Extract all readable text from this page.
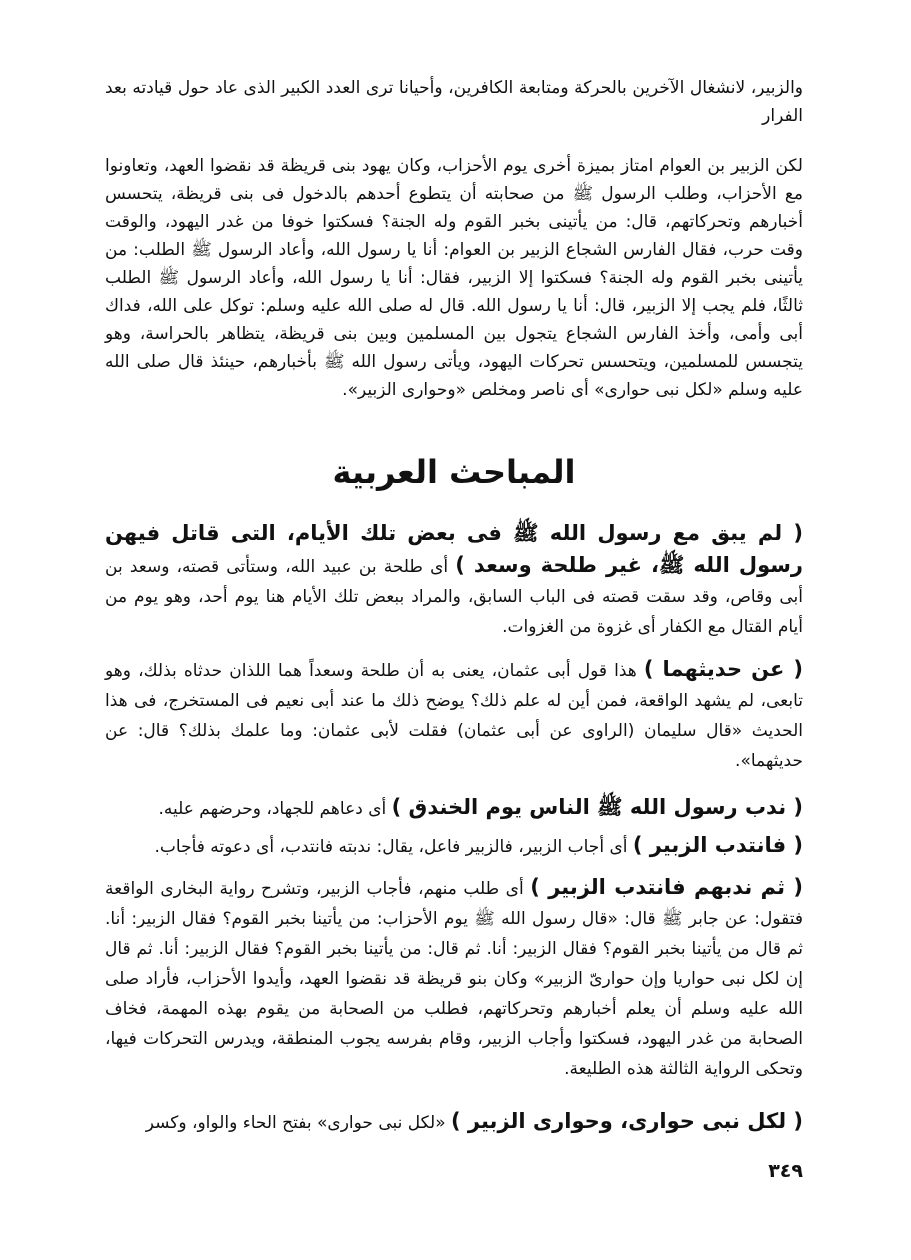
والزبير، لانشغال الآخرين بالحركة ومتابعة الكافرين، وأحيانا ترى العدد الكبير الذى عاد حول قيادته بعد الفرار

لكن الزبير بن العوام امتاز بميزة أخرى يوم الأحزاب، وكان يهود بنى قريظة قد نقضوا العهد، وتعاونوا مع الأحزاب، وطلب الرسول ﷺ من صحابته أن يتطوع أحدهم بالدخول فى بنى قريظة، يتحسس أخبارهم وتحركاتهم، قال: من يأتينى بخبر القوم وله الجنة؟ فسكتوا خوفا من غدر اليهود، والوقت وقت حرب، فقال الفارس الشجاع الزبير بن العوام: أنا يا رسول الله، وأعاد الرسول ﷺ الطلب: من يأتينى بخبر القوم وله الجنة؟ فسكتوا إلا الزبير، فقال: أنا يا رسول الله، وأعاد الرسول ﷺ الطلب ثالثًا، فلم يجب إلا الزبير، قال: أنا يا رسول الله. قال له صلى الله عليه وسلم: توكل على الله، فداك أبى وأمى، وأخذ الفارس الشجاع يتجول بين المسلمين وبين بنى قريظة، يتظاهر بالحراسة، وهو يتجسس للمسلمين، ويتحسس تحركات اليهود، ويأتى رسول الله ﷺ بأخبارهم، حينئذ قال صلى الله عليه وسلم «لكل نبى حوارى» أى ناصر ومخلص «وحوارى الزبير».

المباحث العربية

( لم يبق مع رسول الله ﷺ فى بعض تلك الأيام، التى قاتل فيهن رسول الله ﷺ، غير طلحة وسعد ) أى طلحة بن عبيد الله، وستأتى قصته، وسعد بن أبى وقاص، وقد سقت قصته فى الباب السابق، والمراد ببعض تلك الأيام هنا يوم أحد، وهو يوم من أيام القتال مع الكفار أى غزوة من الغزوات.

( عن حديثهما ) هذا قول أبى عثمان، يعنى به أن طلحة وسعداً هما اللذان حدثاه بذلك، وهو تابعى، لم يشهد الواقعة، فمن أين له علم ذلك؟ يوضح ذلك ما عند أبى نعيم فى المستخرج، فى هذا الحديث «قال سليمان (الراوى عن أبى عثمان) فقلت لأبى عثمان: وما علمك بذلك؟ قال: عن حديثهما».

( ندب رسول الله ﷺ الناس يوم الخندق ) أى دعاهم للجهاد، وحرضهم عليه.

( فانتدب الزبير ) أى أجاب الزبير، فالزبير فاعل، يقال: ندبته فانتدب، أى دعوته فأجاب.

( ثم ندبهم فانتدب الزبير ) أى طلب منهم، فأجاب الزبير، وتشرح رواية البخارى الواقعة فتقول: عن جابر ﷺ قال: «قال رسول الله ﷺ يوم الأحزاب: من يأتينا بخبر القوم؟ فقال الزبير: أنا. ثم قال من يأتينا بخبر القوم؟ فقال الزبير: أنا. ثم قال: من يأتينا بخبر القوم؟ فقال الزبير: أنا. ثم قال إن لكل نبى حواريا وإن حوارىّ الزبير» وكان بنو قريظة قد نقضوا العهد، وأيدوا الأحزاب، فأراد صلى الله عليه وسلم أن يعلم أخبارهم وتحركاتهم، فطلب من الصحابة من يقوم بهذه المهمة، فخاف الصحابة من غدر اليهود، فسكتوا وأجاب الزبير، وقام بفرسه يجوب المنطقة، ويدرس التحركات فيها، وتحكى الرواية الثالثة هذه الطليعة.

( لكل نبى حوارى، وحوارى الزبير ) «لكل نبى حوارى» بفتح الحاء والواو، وكسر

٣٤٩
